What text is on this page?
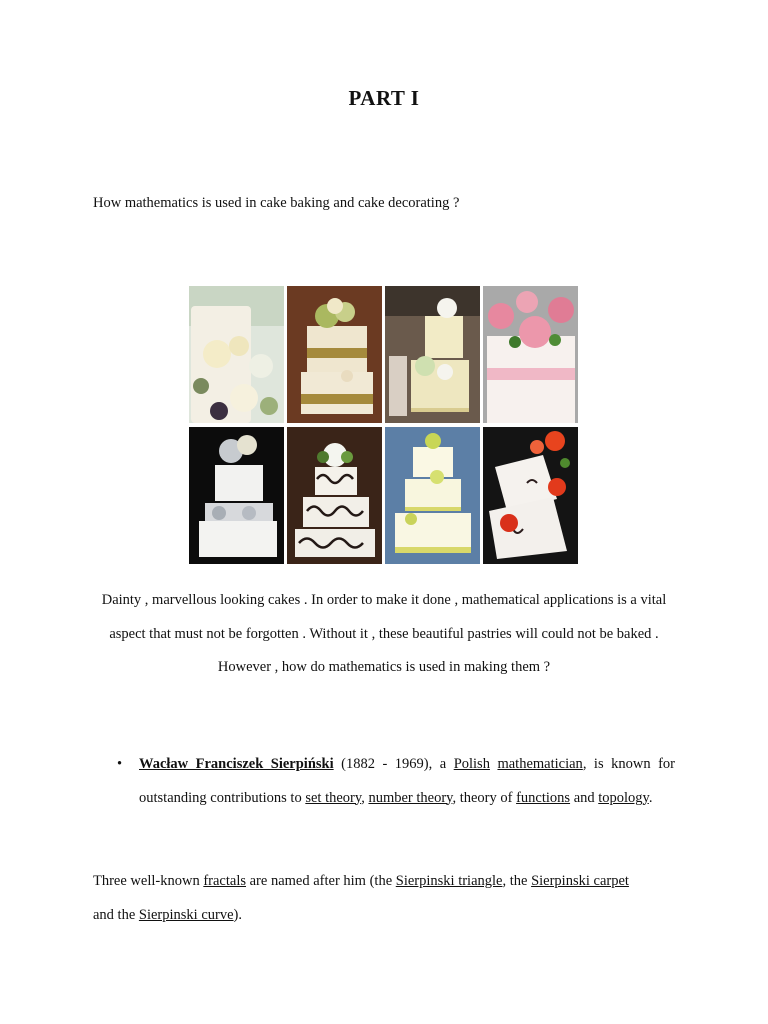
PART I
How mathematics is used in cake baking and cake decorating ?
Dainty , marvellous looking cakes . In order to make it done , mathematical applications is a vital aspect that must not be forgotten . Without it , these beautiful pastries will could not be baked . However , how do mathematics is used in making them ?
• Wacław Franciszek Sierpiński (1882 - 1969), a Polish mathematician, is known for outstanding contributions to set theory, number theory, theory of functions and topology.
Three well-known fractals are named after him (the Sierpinski triangle, the Sierpinski carpet
and the Sierpinski curve).
